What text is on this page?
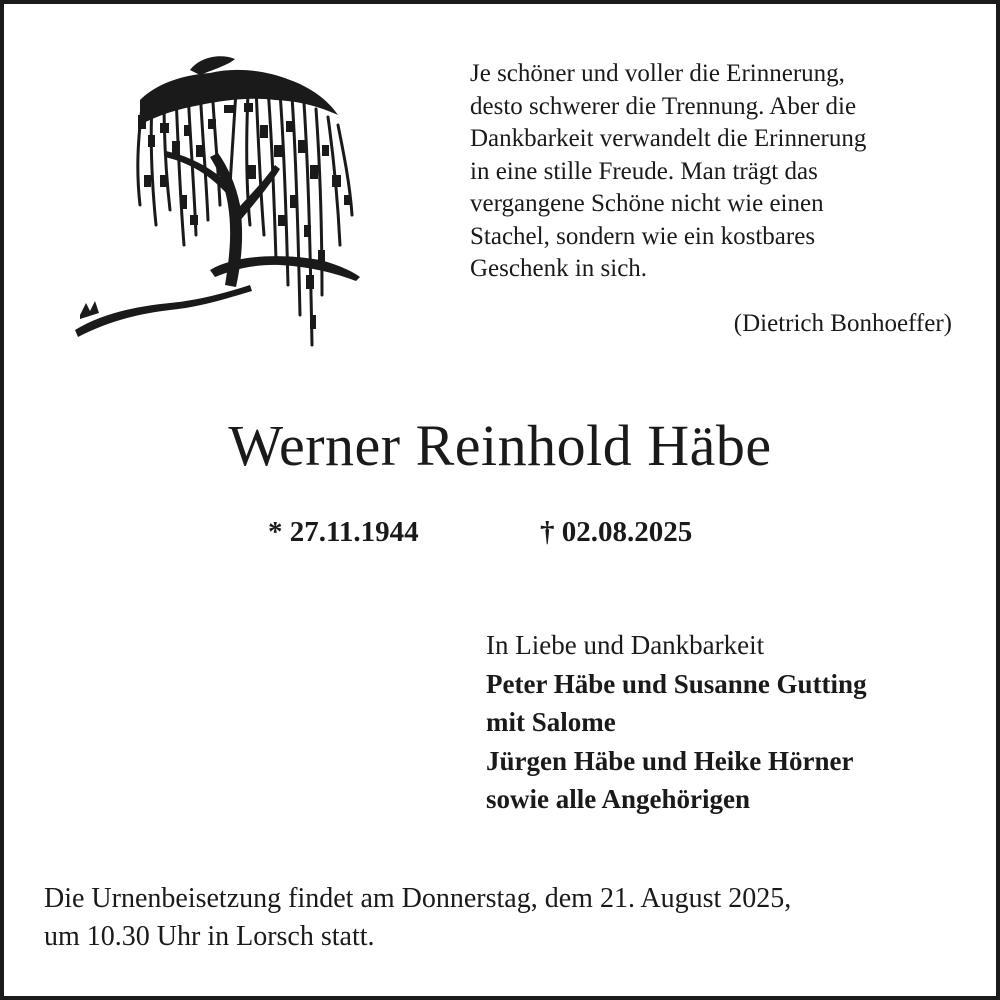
Je schöner und voller die Erinnerung,
desto schwerer die Trennung. Aber die
Dankbarkeit verwandelt die Erinnerung
in eine stille Freude. Man trägt das
vergangene Schöne nicht wie einen
Stachel, sondern wie ein kostbares
Geschenk in sich.
(Dietrich Bonhoeffer)
Werner Reinhold Häbe
* 27.11.1944	† 02.08.2025
In Liebe und Dankbarkeit
Peter Häbe und Susanne Gutting
mit Salome
Jürgen Häbe und Heike Hörner
sowie alle Angehörigen
Die Urnenbeisetzung findet am Donnerstag, dem 21. August 2025,
um 10.30 Uhr in Lorsch statt.
